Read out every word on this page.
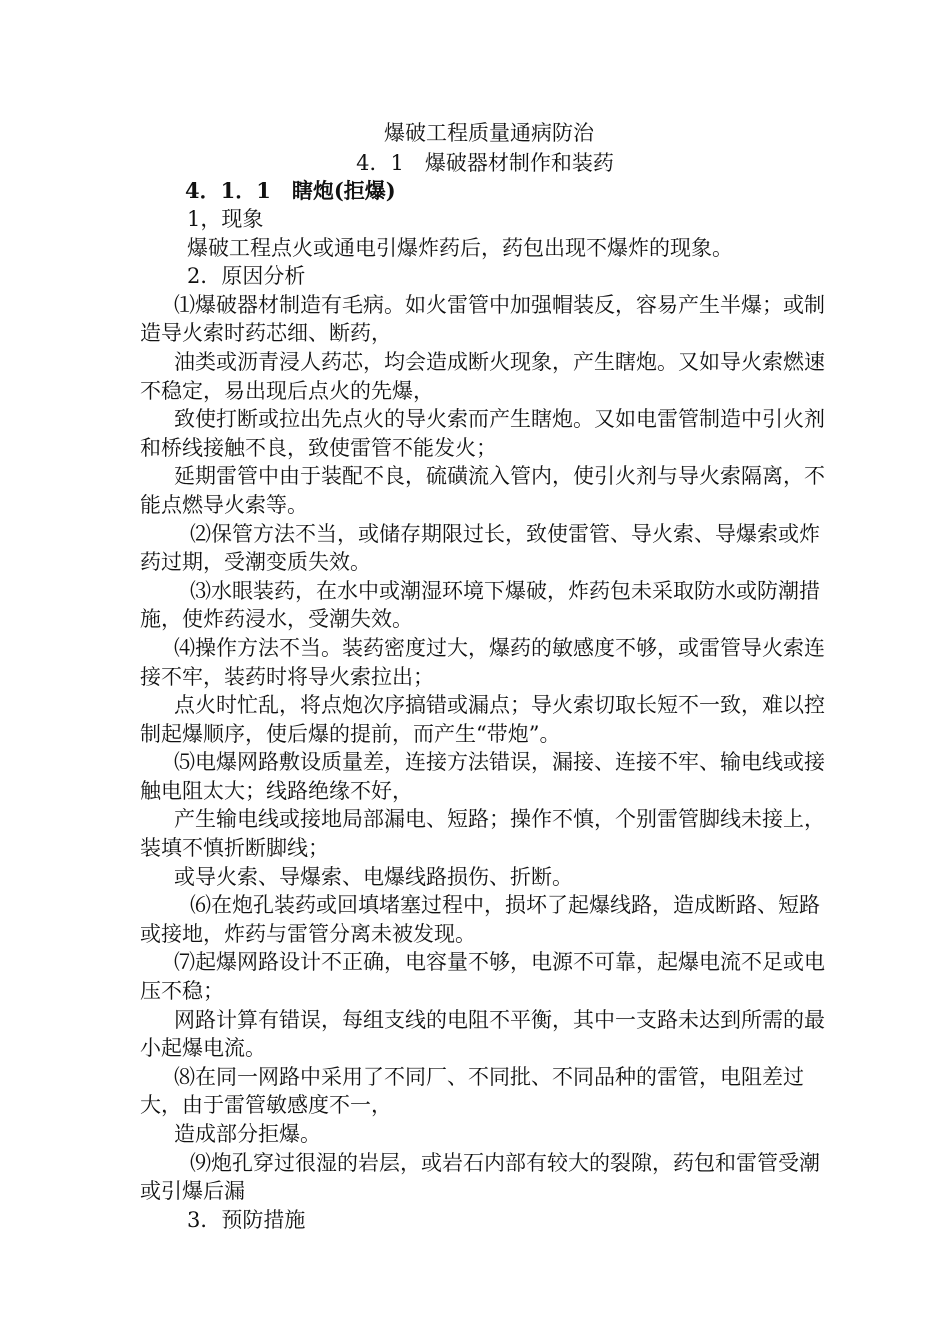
爆破工程质量通病防治
4．1　爆破器材制作和装药
4．1．1　瞎炮(拒爆)

1，现象

爆破工程点火或通电引爆炸药后，药包出现不爆炸的现象。

2．原因分析

⑴爆破器材制造有毛病。如火雷管中加强帽装反，容易产生半爆；或制造导火索时药芯细、断药，

油类或沥青浸人药芯，均会造成断火现象，产生瞎炮。又如导火索燃速不稳定，易出现后点火的先爆，

致使打断或拉出先点火的导火索而产生瞎炮。又如电雷管制造中引火剂和桥线接触不良，致使雷管不能发火；

延期雷管中由于装配不良，硫磺流入管内，使引火剂与导火索隔离，不能点燃导火索等。

⑵保管方法不当，或储存期限过长，致使雷管、导火索、导爆索或炸药过期，受潮变质失效。

⑶水眼装药，在水中或潮湿环境下爆破，炸药包未采取防水或防潮措施，使炸药浸水，受潮失效。

⑷操作方法不当。装药密度过大，爆药的敏感度不够，或雷管导火索连接不牢，装药时将导火索拉出；

点火时忙乱，将点炮次序搞错或漏点；导火索切取长短不一致，难以控制起爆顺序，使后爆的提前，而产生“带炮”。

⑸电爆网路敷设质量差，连接方法错误，漏接、连接不牢、输电线或接触电阻太大；线路绝缘不好，

产生输电线或接地局部漏电、短路；操作不慎，个别雷管脚线未接上，装填不慎折断脚线；

或导火索、导爆索、电爆线路损伤、折断。

⑹在炮孔装药或回填堵塞过程中，损坏了起爆线路，造成断路、短路或接地，炸药与雷管分离未被发现。

⑺起爆网路设计不正确，电容量不够，电源不可靠，起爆电流不足或电压不稳；

网路计算有错误，每组支线的电阻不平衡，其中一支路未达到所需的最小起爆电流。

⑻在同一网路中采用了不同厂、不同批、不同品种的雷管，电阻差过大，由于雷管敏感度不一，

造成部分拒爆。

⑼炮孔穿过很湿的岩层，或岩石内部有较大的裂隙，药包和雷管受潮或引爆后漏

3．预防措施
